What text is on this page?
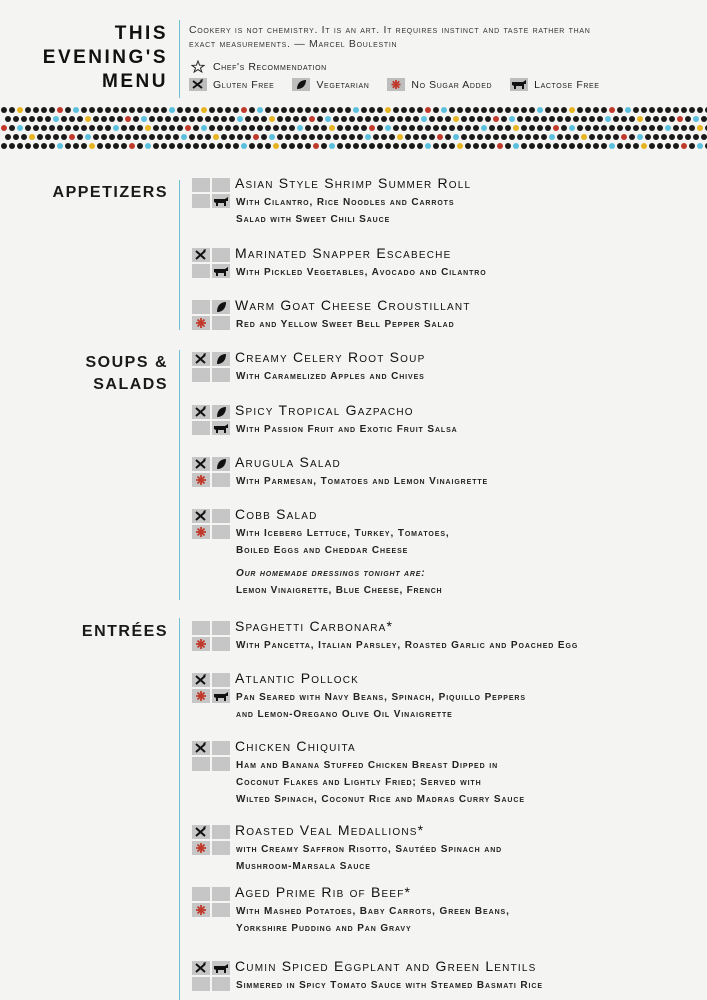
THIS
EVENING'S
MENU
Cookery is not chemistry. It is an art. It requires instinct and taste rather than
exact measurements. — Marcel Boulestin
Chef's Recommendation
Gluten Free	Vegetarian	No Sugar Added	Lactose Free
APPETIZERS
SOUPS &
SALADS
ENTRÉES
Asian Style Shrimp Summer Roll
With Cilantro, Rice Noodles and Carrots
Salad with Sweet Chili Sauce
Marinated Snapper Escabeche
With Pickled Vegetables, Avocado and Cilantro
Warm Goat Cheese Croustillant
Red and Yellow Sweet Bell Pepper Salad
Creamy Celery Root Soup
With Caramelized Apples and Chives
Spicy Tropical Gazpacho
With Passion Fruit and Exotic Fruit Salsa
Arugula Salad
With Parmesan, Tomatoes and Lemon Vinaigrette
Cobb Salad
With Iceberg Lettuce, Turkey, Tomatoes,
Boiled Eggs and Cheddar Cheese
Spaghetti Carbonara*
With Pancetta, Italian Parsley, Roasted Garlic and Poached Egg
Atlantic Pollock
Pan Seared with Navy Beans, Spinach, Piquillo Peppers
and Lemon-Oregano Olive Oil Vinaigrette
Chicken Chiquita
Ham and Banana Stuffed Chicken Breast Dipped in
Coconut Flakes and Lightly Fried; Served with
Wilted Spinach, Coconut Rice and Madras Curry Sauce
Roasted Veal Medallions*
with Creamy Saffron Risotto, Sautéed Spinach and
Mushroom-Marsala Sauce
Aged Prime Rib of Beef*
With Mashed Potatoes, Baby Carrots, Green Beans,
Yorkshire Pudding and Pan Gravy
Cumin Spiced Eggplant and Green Lentils
Simmered in Spicy Tomato Sauce with Steamed Basmati Rice
Our homemade dressings tonight are:
Lemon Vinaigrette, Blue Cheese, French
